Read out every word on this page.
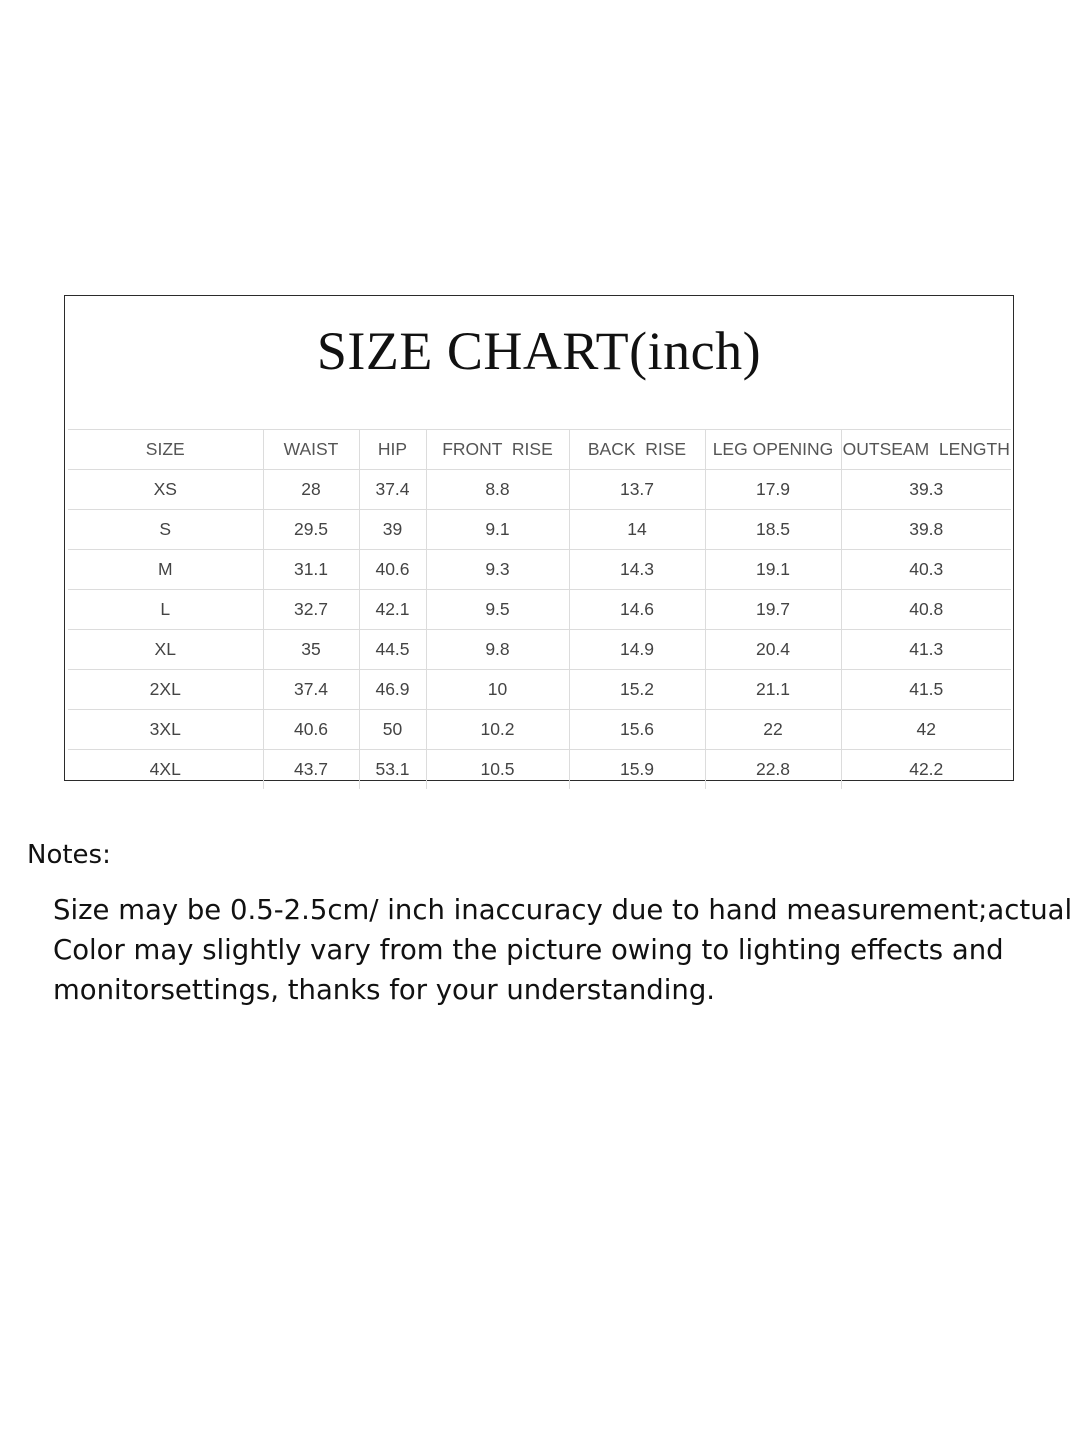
SIZE CHART(inch)
SIZE	WAIST	HIP	FRONT  RISE	BACK  RISE	LEG OPENING	OUTSEAM  LENGTH
XS	28	37.4	8.8	13.7	17.9	39.3
S	29.5	39	9.1	14	18.5	39.8
M	31.1	40.6	9.3	14.3	19.1	40.3
L	32.7	42.1	9.5	14.6	19.7	40.8
XL	35	44.5	9.8	14.9	20.4	41.3
2XL	37.4	46.9	10	15.2	21.1	41.5
3XL	40.6	50	10.2	15.6	22	42
4XL	43.7	53.1	10.5	15.9	22.8	42.2
Notes:
Size may be 0.5-2.5cm/ inch inaccuracy due to hand measurement;actual
Color may slightly vary from the picture owing to lighting effects and
monitorsettings, thanks for your understanding.
